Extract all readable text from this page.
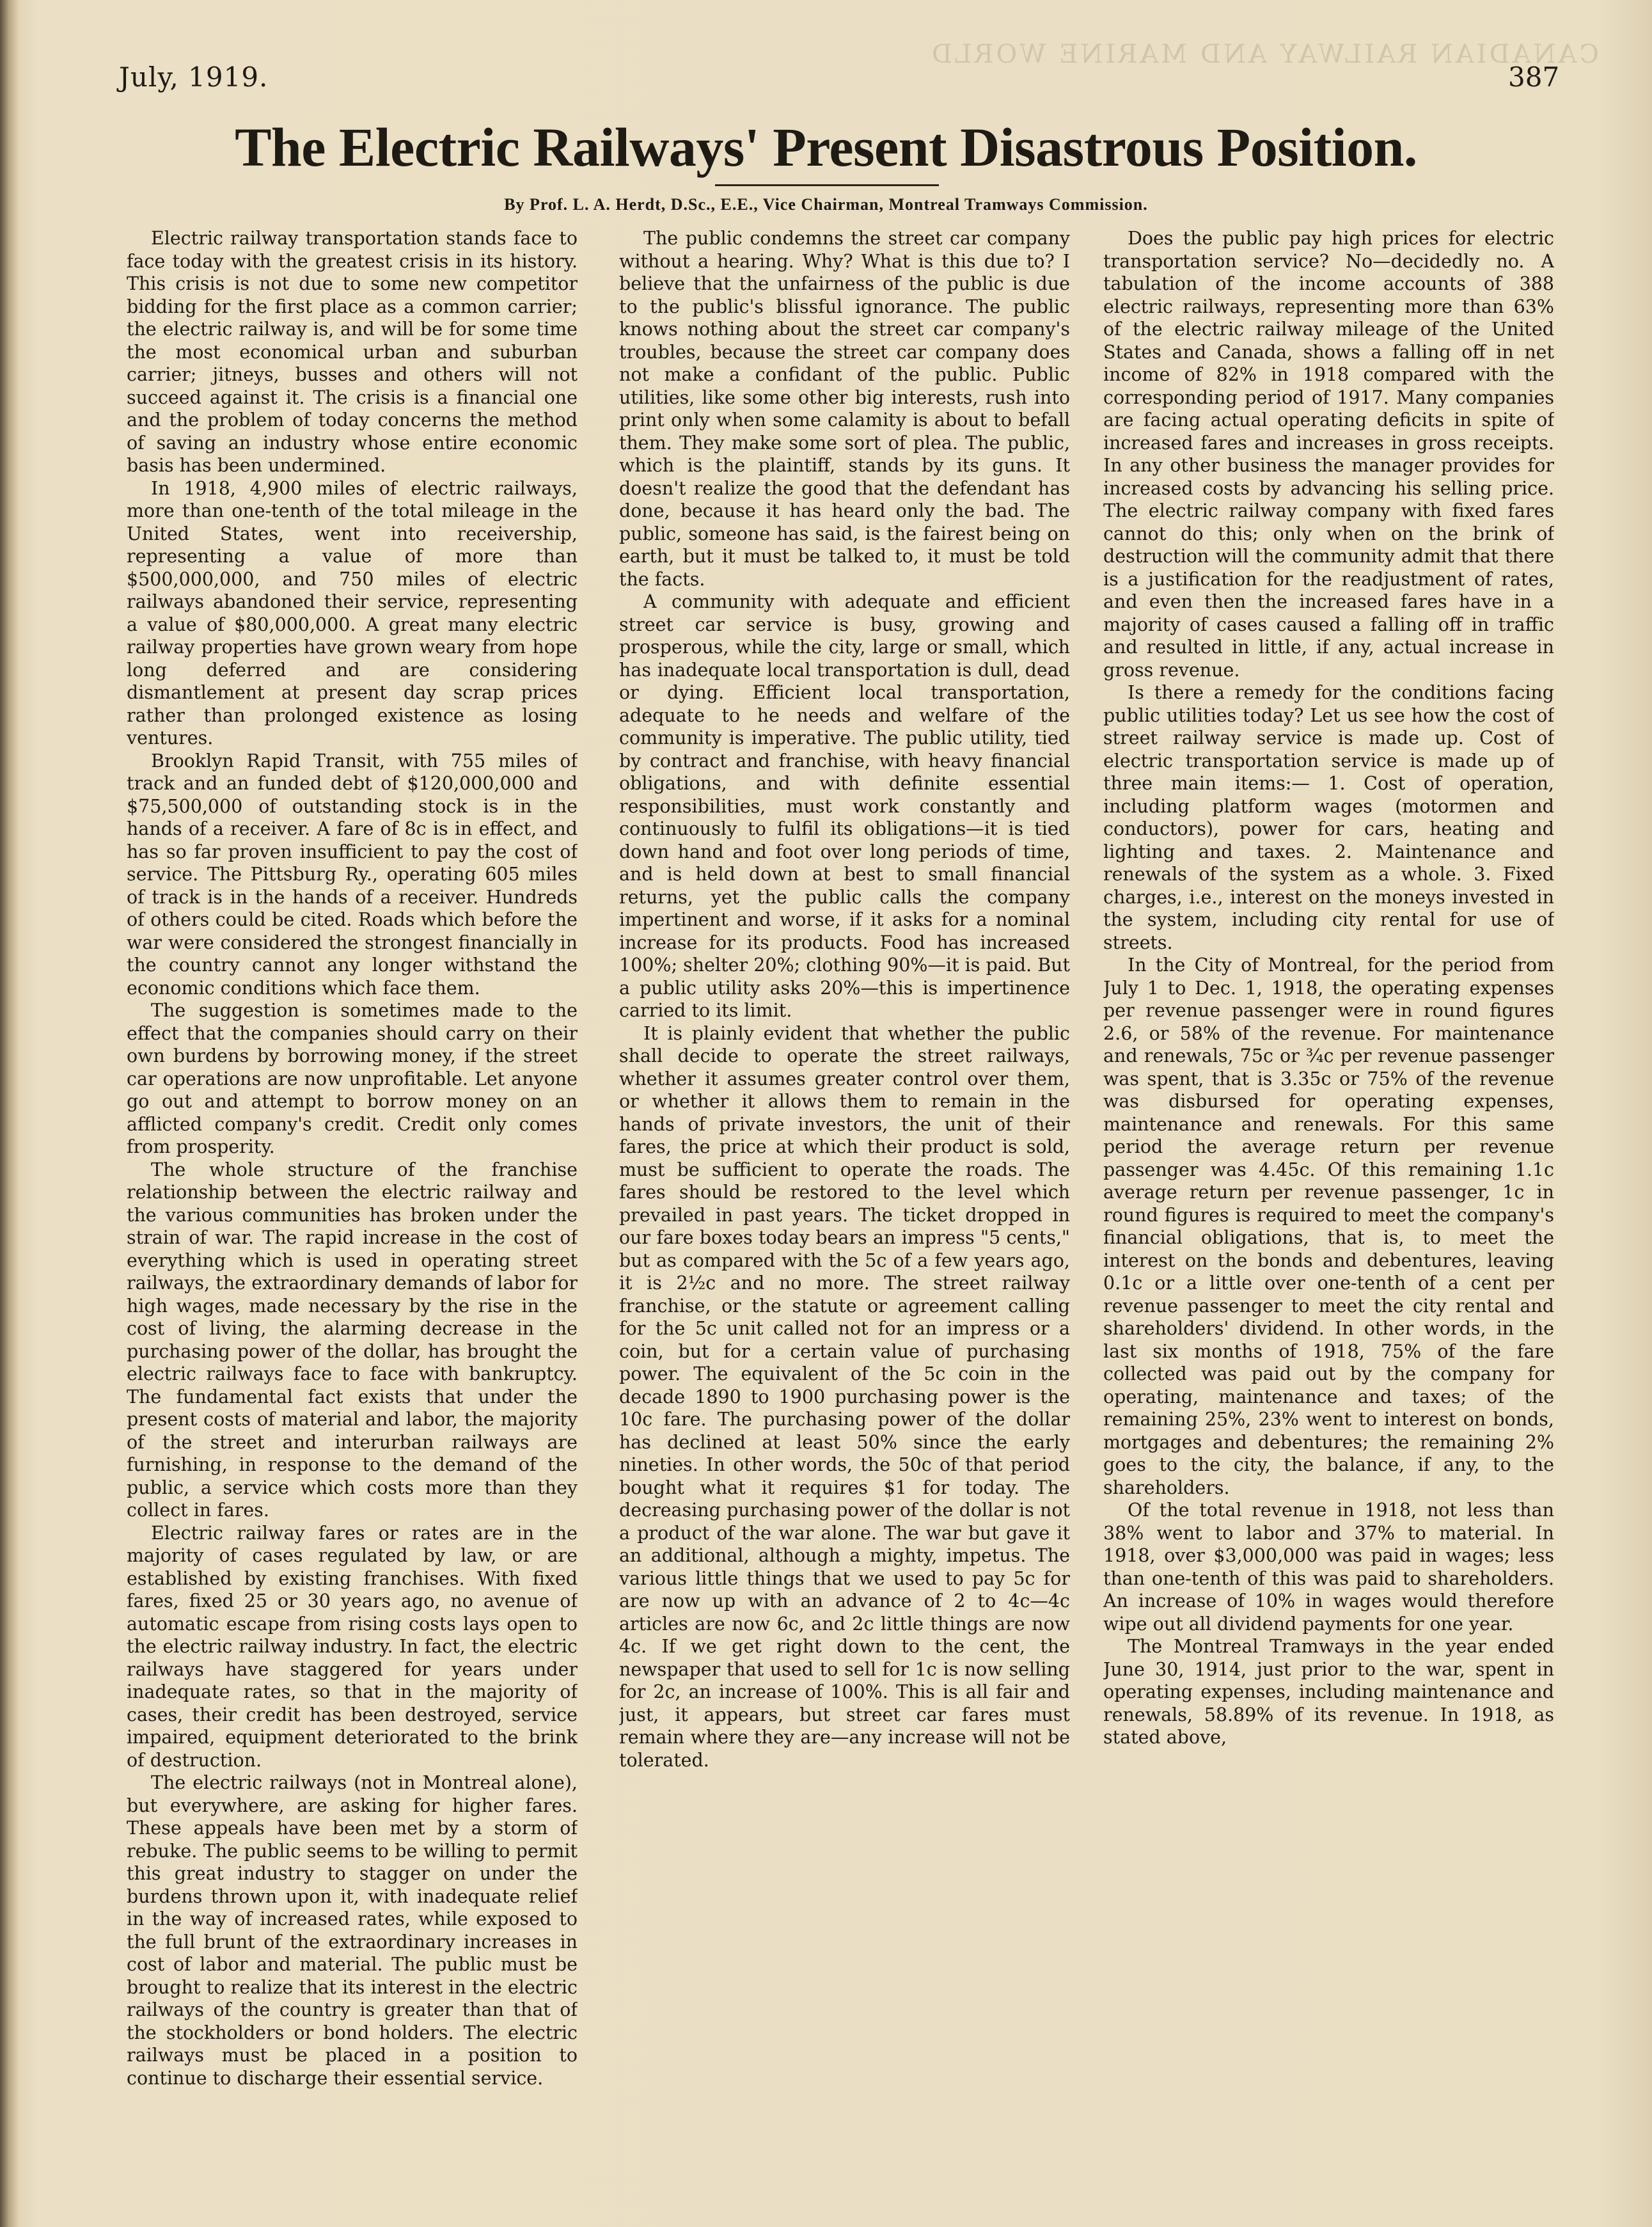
CANADIAN RAILWAY AND MARINE WORLD
July, 1919.	387
The Electric Railways' Present Disastrous Position.
By Prof. L. A. Herdt, D.Sc., E.E., Vice Chairman, Montreal Tramways Commission.

Electric railway transportation stands face to face today with the greatest crisis in its history. This crisis is not due to some new competitor bidding for the first place as a common carrier; the electric railway is, and will be for some time the most economical urban and suburban carrier; jitneys, busses and others will not succeed against it. The crisis is a financial one and the problem of today concerns the method of saving an industry whose entire economic basis has been undermined.

In 1918, 4,900 miles of electric railways, more than one-tenth of the total mileage in the United States, went into receivership, representing a value of more than $500,000,000, and 750 miles of electric railways abandoned their service, representing a value of $80,000,000. A great many electric railway properties have grown weary from hope long deferred and are considering dismantlement at present day scrap prices rather than prolonged existence as losing ventures.

Brooklyn Rapid Transit, with 755 miles of track and an funded debt of $120,000,000 and $75,500,000 of outstanding stock is in the hands of a receiver. A fare of 8c is in effect, and has so far proven insufficient to pay the cost of service. The Pittsburg Ry., operating 605 miles of track is in the hands of a receiver. Hundreds of others could be cited. Roads which before the war were considered the strongest financially in the country cannot any longer withstand the economic conditions which face them.

The suggestion is sometimes made to the effect that the companies should carry on their own burdens by borrowing money, if the street car operations are now unprofitable. Let anyone go out and attempt to borrow money on an afflicted company's credit. Credit only comes from prosperity.

The whole structure of the franchise relationship between the electric railway and the various communities has broken under the strain of war. The rapid increase in the cost of everything which is used in operating street railways, the extraordinary demands of labor for high wages, made necessary by the rise in the cost of living, the alarming decrease in the purchasing power of the dollar, has brought the electric railways face to face with bankruptcy. The fundamental fact exists that under the present costs of material and labor, the majority of the street and interurban railways are furnishing, in response to the demand of the public, a service which costs more than they collect in fares.

Electric railway fares or rates are in the majority of cases regulated by law, or are established by existing franchises. With fixed fares, fixed 25 or 30 years ago, no avenue of automatic escape from rising costs lays open to the electric railway industry. In fact, the electric railways have staggered for years under inadequate rates, so that in the majority of cases, their credit has been destroyed, service impaired, equipment deteriorated to the brink of destruction.

The electric railways (not in Montreal alone), but everywhere, are asking for higher fares. These appeals have been met by a storm of rebuke. The public seems to be willing to permit this great industry to stagger on under the burdens thrown upon it, with inadequate relief in the way of increased rates, while exposed to the full brunt of the extraordinary increases in cost of labor and material. The public must be brought to realize that its interest in the electric railways of the country is greater than that of the stockholders or bond holders. The electric railways must be placed in a position to continue to discharge their essential service.

The public condemns the street car company without a hearing. Why? What is this due to? I believe that the unfairness of the public is due to the public's blissful ignorance. The public knows nothing about the street car company's troubles, because the street car company does not make a confidant of the public. Public utilities, like some other big interests, rush into print only when some calamity is about to befall them. They make some sort of plea. The public, which is the plaintiff, stands by its guns. It doesn't realize the good that the defendant has done, because it has heard only the bad. The public, someone has said, is the fairest being on earth, but it must be talked to, it must be told the facts.

A community with adequate and efficient street car service is busy, growing and prosperous, while the city, large or small, which has inadequate local transportation is dull, dead or dying. Efficient local transportation, adequate to he needs and welfare of the community is imperative. The public utility, tied by contract and franchise, with heavy financial obligations, and with definite essential responsibilities, must work constantly and continuously to fulfil its obligations—it is tied down hand and foot over long periods of time, and is held down at best to small financial returns, yet the public calls the company impertinent and worse, if it asks for a nominal increase for its products. Food has increased 100%; shelter 20%; clothing 90%—it is paid. But a public utility asks 20%—this is impertinence carried to its limit.

It is plainly evident that whether the public shall decide to operate the street railways, whether it assumes greater control over them, or whether it allows them to remain in the hands of private investors, the unit of their fares, the price at which their product is sold, must be sufficient to operate the roads. The fares should be restored to the level which prevailed in past years. The ticket dropped in our fare boxes today bears an impress "5 cents," but as compared with the 5c of a few years ago, it is 2½c and no more. The street railway franchise, or the statute or agreement calling for the 5c unit called not for an impress or a coin, but for a certain value of purchasing power. The equivalent of the 5c coin in the decade 1890 to 1900 purchasing power is the 10c fare. The purchasing power of the dollar has declined at least 50% since the early nineties. In other words, the 50c of that period bought what it requires $1 for today. The decreasing purchasing power of the dollar is not a product of the war alone. The war but gave it an additional, although a mighty, impetus. The various little things that we used to pay 5c for are now up with an advance of 2 to 4c—4c articles are now 6c, and 2c little things are now 4c. If we get right down to the cent, the newspaper that used to sell for 1c is now selling for 2c, an increase of 100%. This is all fair and just, it appears, but street car fares must remain where they are—any increase will not be tolerated.

Does the public pay high prices for electric transportation service? No—decidedly no. A tabulation of the income accounts of 388 electric railways, representing more than 63% of the electric railway mileage of the United States and Canada, shows a falling off in net income of 82% in 1918 compared with the corresponding period of 1917. Many companies are facing actual operating deficits in spite of increased fares and increases in gross receipts. In any other business the manager provides for increased costs by advancing his selling price. The electric railway company with fixed fares cannot do this; only when on the brink of destruction will the community admit that there is a justification for the readjustment of rates, and even then the increased fares have in a majority of cases caused a falling off in traffic and resulted in little, if any, actual increase in gross revenue.

Is there a remedy for the conditions facing public utilities today? Let us see how the cost of street railway service is made up. Cost of electric transportation service is made up of three main items:— 1. Cost of operation, including platform wages (motormen and conductors), power for cars, heating and lighting and taxes. 2. Maintenance and renewals of the system as a whole. 3. Fixed charges, i.e., interest on the moneys invested in the system, including city rental for use of streets.

In the City of Montreal, for the period from July 1 to Dec. 1, 1918, the operating expenses per revenue passenger were in round figures 2.6, or 58% of the revenue. For maintenance and renewals, 75c or ¾c per revenue passenger was spent, that is 3.35c or 75% of the revenue was disbursed for operating expenses, maintenance and renewals. For this same period the average return per revenue passenger was 4.45c. Of this remaining 1.1c average return per revenue passenger, 1c in round figures is required to meet the company's financial obligations, that is, to meet the interest on the bonds and debentures, leaving 0.1c or a little over one-tenth of a cent per revenue passenger to meet the city rental and shareholders' dividend. In other words, in the last six months of 1918, 75% of the fare collected was paid out by the company for operating, maintenance and taxes; of the remaining 25%, 23% went to interest on bonds, mortgages and debentures; the remaining 2% goes to the city, the balance, if any, to the shareholders.

Of the total revenue in 1918, not less than 38% went to labor and 37% to material. In 1918, over $3,000,000 was paid in wages; less than one-tenth of this was paid to shareholders. An increase of 10% in wages would therefore wipe out all dividend payments for one year.

The Montreal Tramways in the year ended June 30, 1914, just prior to the war, spent in operating expenses, including maintenance and renewals, 58.89% of its revenue. In 1918, as stated above,
